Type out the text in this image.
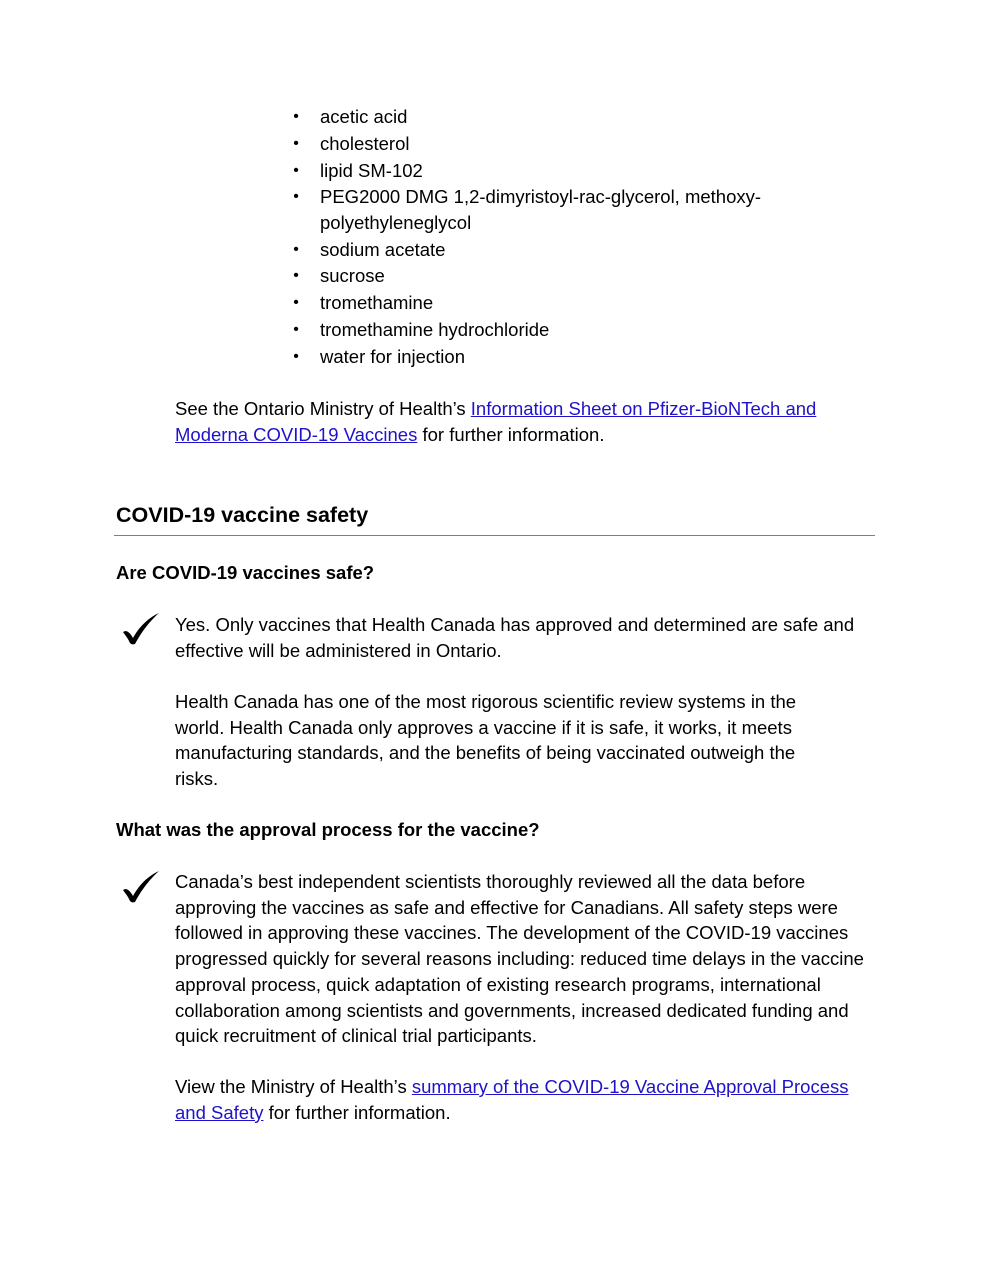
• acetic acid
• cholesterol
• lipid SM-102
• PEG2000 DMG 1,2-dimyristoyl-rac-glycerol, methoxy-polyethyleneglycol
• sodium acetate
• sucrose
• tromethamine
• tromethamine hydrochloride
• water for injection

See the Ontario Ministry of Health’s Information Sheet on Pfizer-BioNTech and Moderna COVID-19 Vaccines for further information.

COVID-19 vaccine safety
Are COVID-19 vaccines safe?

Yes. Only vaccines that Health Canada has approved and determined are safe and effective will be administered in Ontario.

Health Canada has one of the most rigorous scientific review systems in the world. Health Canada only approves a vaccine if it is safe, it works, it meets manufacturing standards, and the benefits of being vaccinated outweigh the risks.

What was the approval process for the vaccine?

Canada’s best independent scientists thoroughly reviewed all the data before approving the vaccines as safe and effective for Canadians. All safety steps were followed in approving these vaccines. The development of the COVID-19 vaccines progressed quickly for several reasons including: reduced time delays in the vaccine approval process, quick adaptation of existing research programs, international collaboration among scientists and governments, increased dedicated funding and quick recruitment of clinical trial participants.

View the Ministry of Health’s summary of the COVID-19 Vaccine Approval Process and Safety for further information.
